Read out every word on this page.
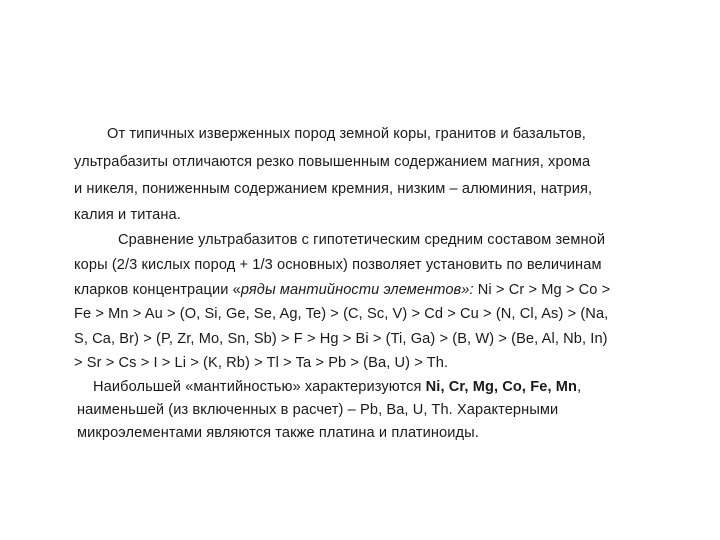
От типичных изверженных пород земной коры, гранитов и базальтов,
ультрабазиты отличаются резко повышенным содержанием магния, хрома
и никеля, пониженным содержанием кремния, низким – алюминия, натрия,
калия и титана.
Сравнение ультрабазитов с гипотетическим средним составом земной
коры (2/3 кислых пород + 1/3 основных) позволяет установить по величинам
кларков концентрации «ряды мантийности элементов»: Ni > Cr > Mg > Co >
Fe > Mn > Au > (O, Si, Ge, Se, Ag, Te) > (C, Sc, V) > Cd > Cu > (N, Cl, As) > (Na,
S, Ca, Br) > (P, Zr, Mo, Sn, Sb) > F > Hg > Bi > (Ti, Ga) > (B, W) > (Be, Al, Nb, In)
> Sr > Cs > I > Li > (K, Rb) > Tl > Ta > Pb > (Ba, U) > Th.
Наибольшей «мантийностью» характеризуются Ni, Cr, Mg, Co, Fe, Mn,
наименьшей (из включенных в расчет) – Pb, Ba, U, Th. Характерными
микроэлементами являются также платина и платиноиды.
